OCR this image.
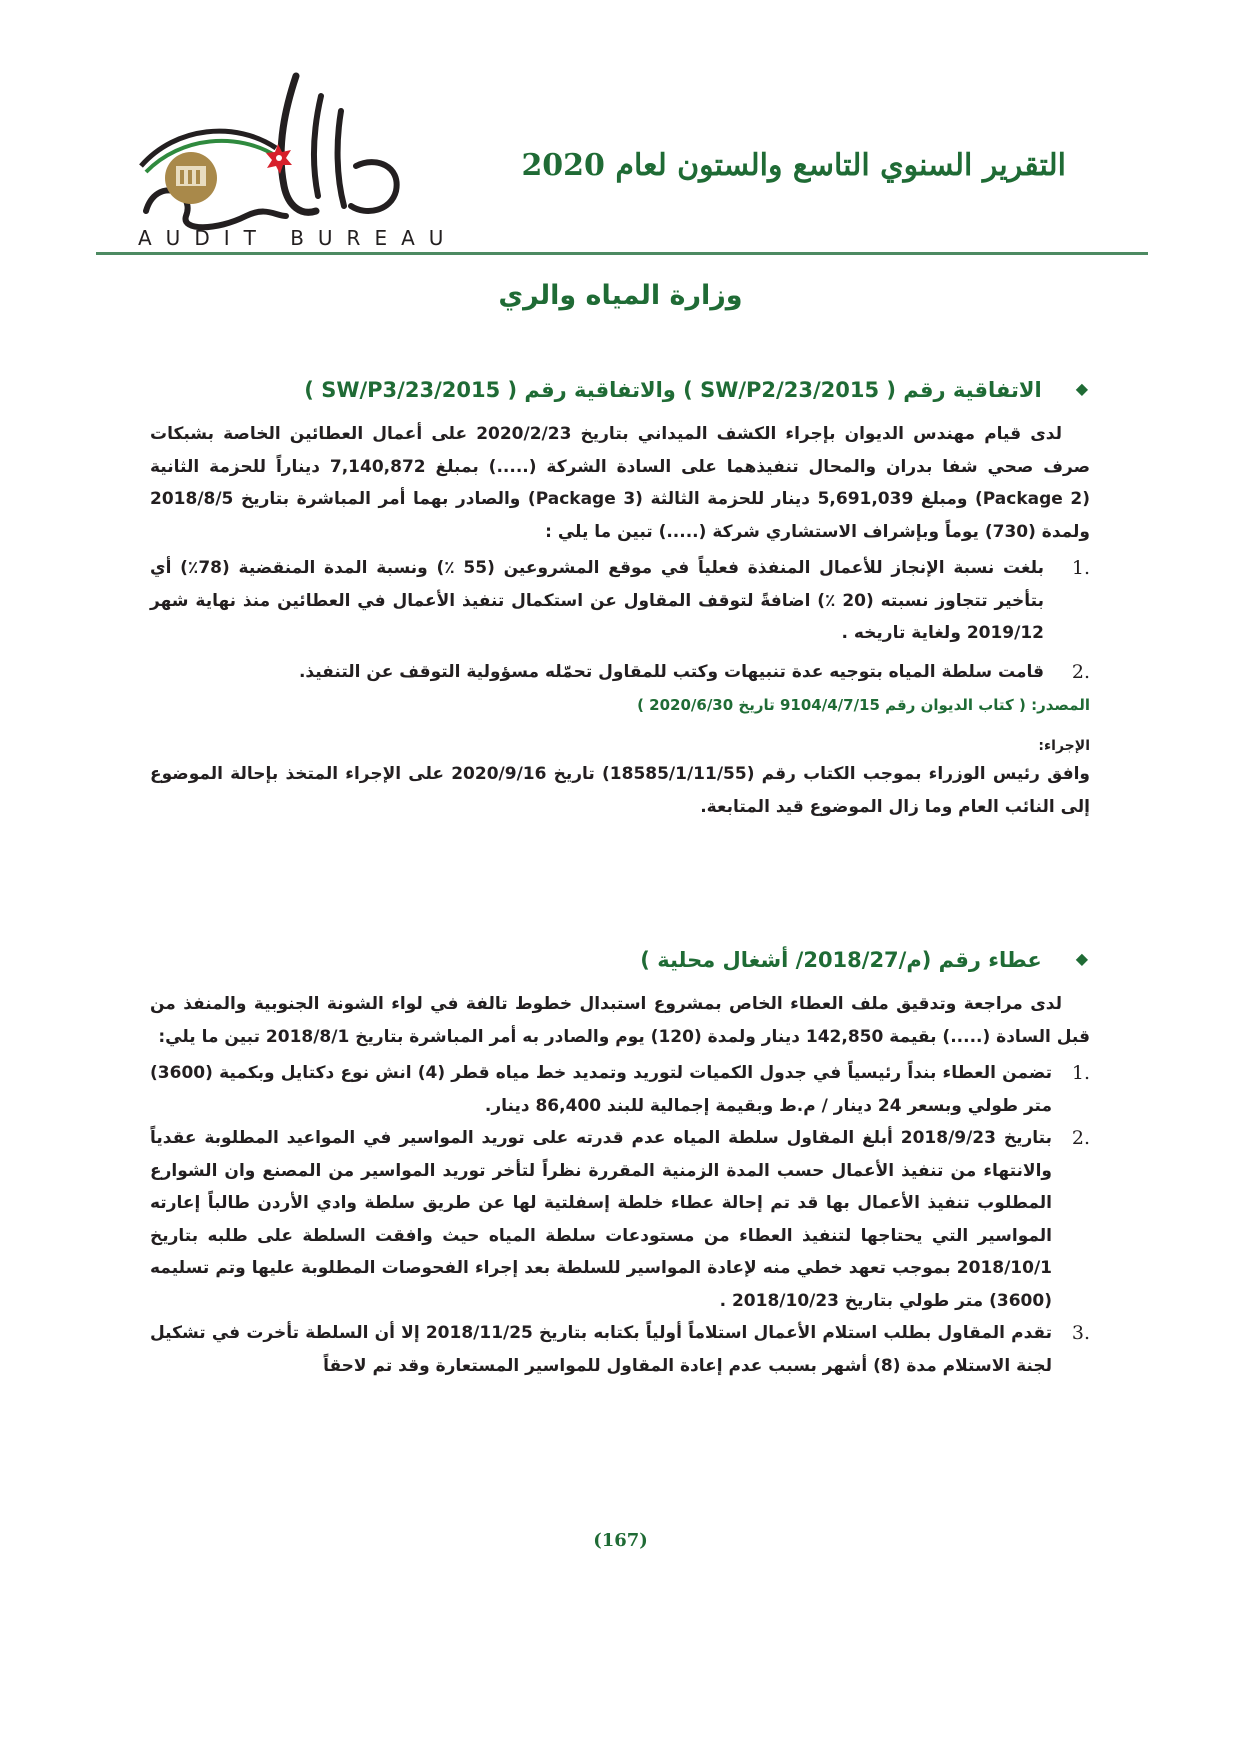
AUDIT BUREAU
التقرير السنوي التاسع والستون لعام 2020
وزارة المياه والري
◆الاتفاقية رقم ( 23/2015/SW/P2 ) والاتفاقية رقم ( 23/2015/SW/P3 )

لدى قيام مهندس الديوان بإجراء الكشف الميداني بتاريخ 2020/2/23 على أعمال العطائين الخاصة بشبكات صرف صحي شفا بدران والمحال تنفيذهما على السادة الشركة (.....) بمبلغ 7,140,872 ديناراً للحزمة الثانية (Package 2) ومبلغ 5,691,039 دينار للحزمة الثالثة (Package 3) والصادر بهما أمر المباشرة بتاريخ 2018/8/5 ولمدة (730) يوماً وبإشراف الاستشاري شركة (.....) تبين ما يلي :

.1
بلغت نسبة الإنجاز للأعمال المنفذة فعلياً في موقع المشروعين (55 ٪) ونسبة المدة المنقضية (78٪) أي بتأخير تتجاوز نسبته (20 ٪) اضافةً لتوقف المقاول عن استكمال تنفيذ الأعمال في العطائين منذ نهاية شهر 2019/12 ولغاية تاريخه .
.2
قامت سلطة المياه بتوجيه عدة تنبيهات وكتب للمقاول تحمّله مسؤولية التوقف عن التنفيذ.
المصدر: ( كتاب الديوان رقم 9104/4/7/15 تاريخ 2020/6/30 )
الإجراء:

وافق رئيس الوزراء بموجب الكتاب رقم (18585/1/11/55) تاريخ 2020/9/16 على الإجراء المتخذ بإحالة الموضوع إلى النائب العام وما زال الموضوع قيد المتابعة.

◆عطاء رقم (م/2018/27/ أشغال محلية )

لدى مراجعة وتدقيق ملف العطاء الخاص بمشروع استبدال خطوط تالفة في لواء الشونة الجنوبية والمنفذ من قبل السادة (.....) بقيمة 142,850 دينار ولمدة (120) يوم والصادر به أمر المباشرة بتاريخ 2018/8/1 تبين ما يلي:

.1
تضمن العطاء بنداً رئيسياً في جدول الكميات لتوريد وتمديد خط مياه قطر (4) انش نوع دكتايل وبكمية (3600) متر طولي وبسعر 24 دينار / م.ط وبقيمة إجمالية للبند 86,400 دينار.
.2
بتاريخ 2018/9/23 أبلغ المقاول سلطة المياه عدم قدرته على توريد المواسير في المواعيد المطلوبة عقدياً والانتهاء من تنفيذ الأعمال حسب المدة الزمنية المقررة نظراً لتأخر توريد المواسير من المصنع وان الشوارع المطلوب تنفيذ الأعمال بها قد تم إحالة عطاء خلطة إسفلتية لها عن طريق سلطة وادي الأردن طالباً إعارته المواسير التي يحتاجها لتنفيذ العطاء من مستودعات سلطة المياه حيث وافقت السلطة على طلبه بتاريخ 2018/10/1 بموجب تعهد خطي منه لإعادة المواسير للسلطة بعد إجراء الفحوصات المطلوبة عليها وتم تسليمه (3600) متر طولي بتاريخ 2018/10/23 .
.3
تقدم المقاول بطلب استلام الأعمال استلاماً أولياً بكتابه بتاريخ 2018/11/25 إلا أن السلطة تأخرت في تشكيل لجنة الاستلام مدة (8) أشهر بسبب عدم إعادة المقاول للمواسير المستعارة وقد تم لاحقاً
(167)
